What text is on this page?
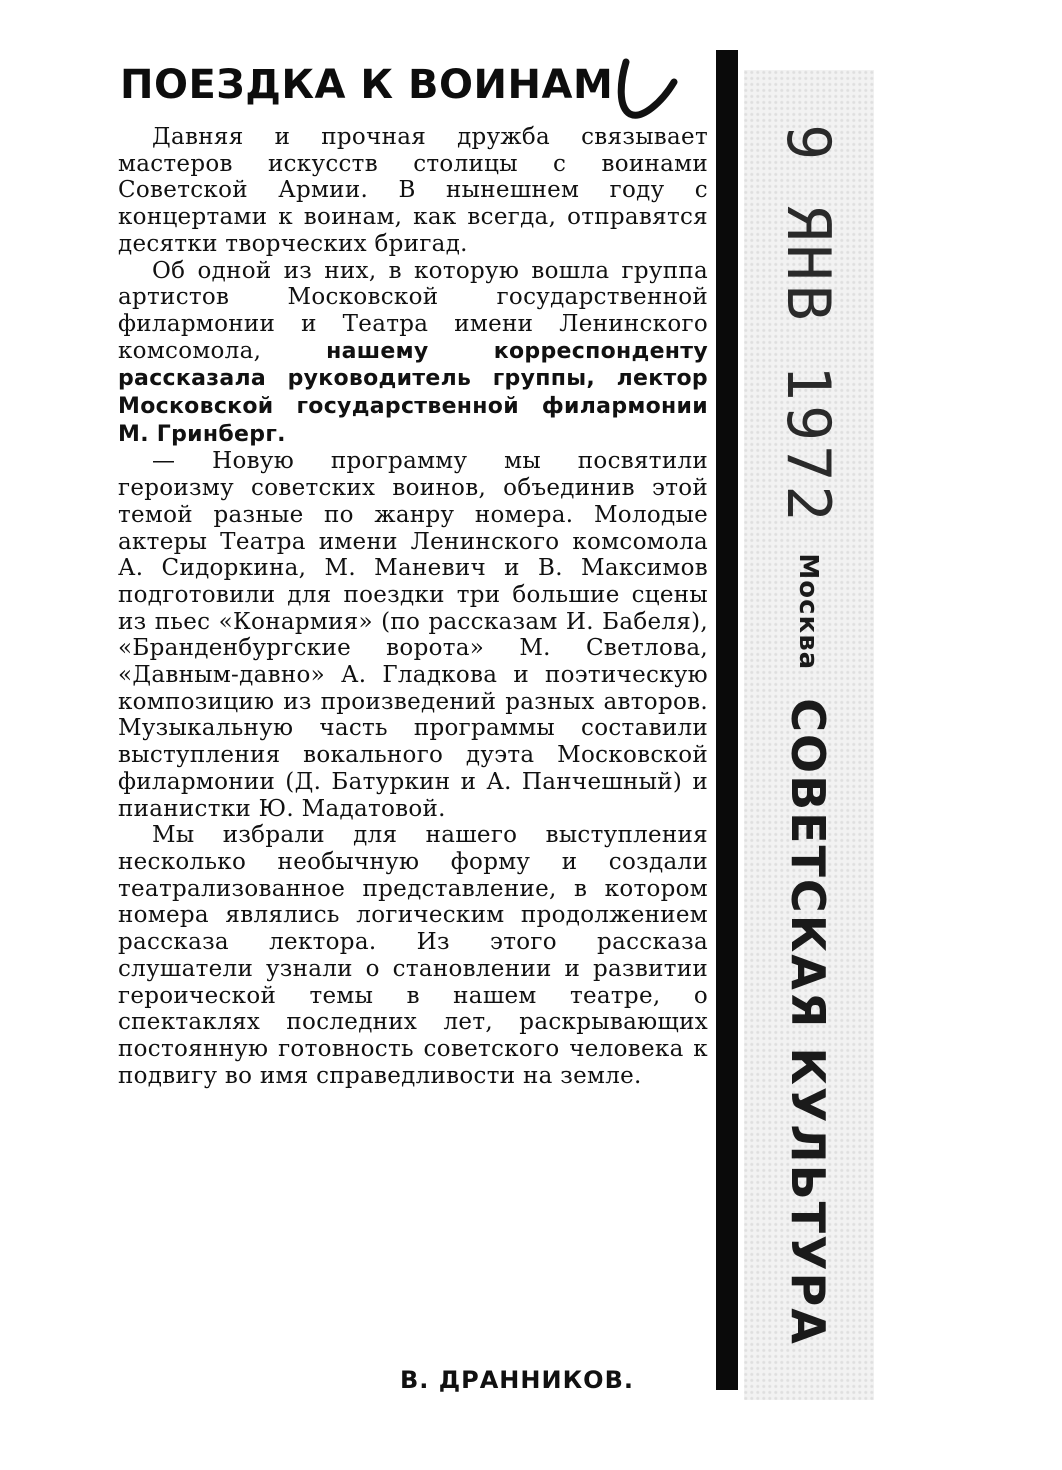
ПОЕЗДКА К ВОИНАМ

Давняя и прочная дружба связывает мастеров искусств столицы с воинами Советской Армии. В нынешнем году с концертами к воинам, как всегда, отправятся десятки творческих бригад.

Об одной из них, в которую вошла группа артистов Московской государственной филармонии и Театра имени Ленинского комсомола,	нашему корреспонденту рассказала руководитель группы, лектор Московской государственной филармонии М. Гринберг.

— Новую программу мы посвятили героизму советских воинов, объединив этой темой разные по жанру номера. Молодые актеры Театра имени Ленинского комсомола А. Сидоркина, М. Маневич и В. Максимов подготовили для поездки три большие сцены из пьес «Конармия» (по рассказам И. Бабеля), «Бранденбургские ворота» М. Светлова, «Давным-давно» А. Гладкова и поэтическую композицию из произведений разных авторов. Музыкальную часть программы составили выступления вокального дуэта Московской филармонии (Д. Батуркин и А. Панчешный) и пианистки Ю. Мадатовой.

Мы избрали для нашего выступления несколько необычную форму и создали театрализованное представление, в котором номера являлись логическим продолжением рассказа лектора. Из этого рассказа слушатели узнали о становлении и развитии героической темы в нашем театре, о спектаклях последних лет, раскрывающих постоянную готовность советского человека к подвигу во имя справедливости на земле.

В. ДРАННИКОВ.
9 ЯНВ 1972
Москва
СОВЕТСКАЯ КУЛЬТУРА
